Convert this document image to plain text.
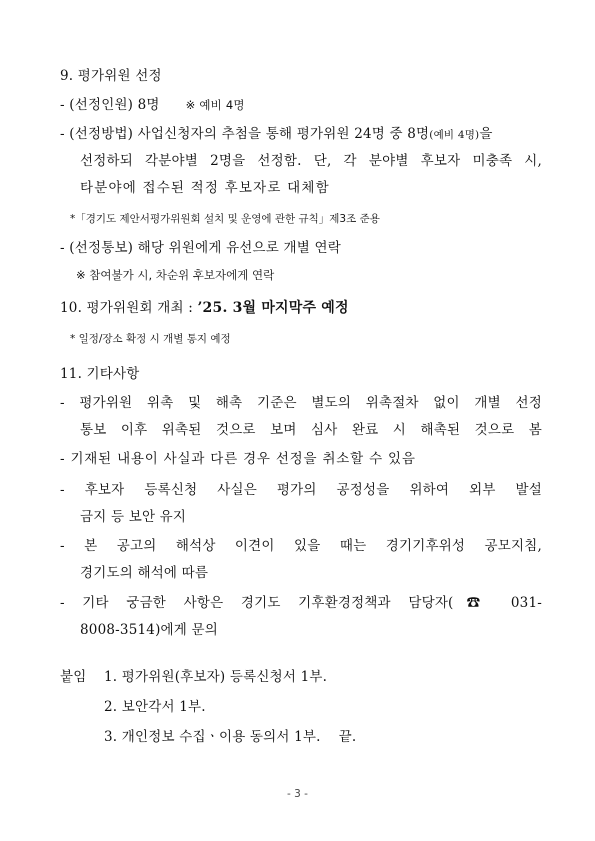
9. 평가위원 선정
- (선정인원) 8명 ※ 예비 4명
- (선정방법) 사업신청자의 추첨을 통해 평가위원 24명 중 8명(예비 4명)을
선정하되 각분야별 2명을 선정함. 단, 각 분야별 후보자 미충족 시,
타분야에 접수된 적정 후보자로 대체함
*「경기도 제안서평가위원회 설치 및 운영에 관한 규칙」제3조 준용
- (선정통보) 해당 위원에게 유선으로 개별 연락
※ 참여불가 시, 차순위 후보자에게 연락
10. 평가위원회 개최 : ’25. 3월 마지막주 예정
* 일정/장소 확정 시 개별 통지 예정
11. 기타사항
- 평가위원 위촉 및 해촉 기준은 별도의 위촉절차 없이 개별 선정
통보 이후 위촉된 것으로 보며 심사 완료 시 해촉된 것으로 봄
- 기재된 내용이 사실과 다른 경우 선정을 취소할 수 있음
- 후보자 등록신청 사실은 평가의 공정성을 위하여 외부 발설
금지 등 보안 유지
- 본 공고의 해석상 이견이 있을 때는 경기기후위성 공모지침,
경기도의 해석에 따름
- 기타 궁금한 사항은 경기도 기후환경정책과 담당자(☎ 031-
8008-3514)에게 문의
붙임 1. 평가위원(후보자) 등록신청서 1부.
2. 보안각서 1부.
3. 개인정보 수집ㆍ이용 동의서 1부. 끝.
- 3 -
